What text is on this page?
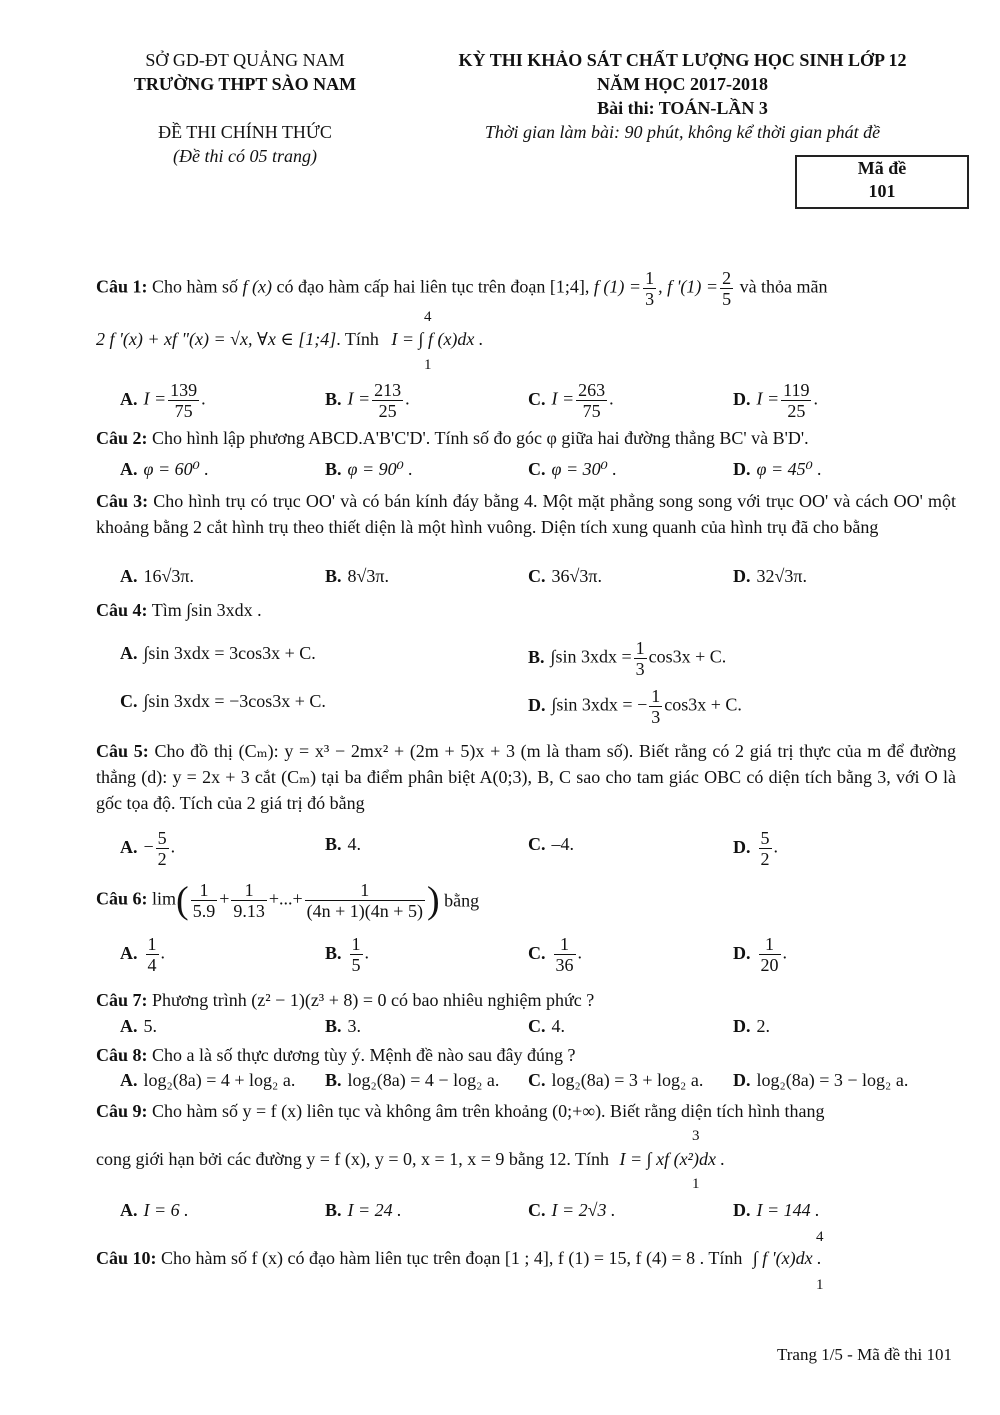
SỞ GD-ĐT QUẢNG NAM
TRƯỜNG THPT SÀO NAM
ĐỀ THI CHÍNH THỨC
(Đề thi có 05 trang)
KỲ THI KHẢO SÁT CHẤT LƯỢNG HỌC SINH LỚP 12
NĂM HỌC 2017-2018
Bài thi: TOÁN-LẦN 3
Thời gian làm bài: 90 phút, không kể thời gian phát đề
Mã đề
101
Câu 1: Cho hàm số f (x) có đạo hàm cấp hai liên tục trên đoạn [1;4], f $(1) = \frac{1}{3}$ , f '$(1) = \frac{2}{5}$ và thỏa mãn
2 f '(x) + xf "(x) = √x, ∀x ∈ [1;4]. Tính I = ∫ f (x)dx .
4
1
A. $I = \frac{139}{75}$ .	B. $I = \frac{213}{25}$ .	C. $I = \frac{263}{75}$ .	D. $I = \frac{119}{25}$ .
Câu 2: Cho hình lập phương ABCD.A'B'C'D'. Tính số đo góc φ giữa hai đường thẳng BC' và B'D'.
A. φ = 60⁰ .	B. φ = 90⁰ .	C. φ = 30⁰ .	D. φ = 45⁰ .
Câu 3: Cho hình trụ có trục OO' và có bán kính đáy bằng 4. Một mặt phẳng song song với trục OO' và cách OO' một khoảng bằng 2 cắt hình trụ theo thiết diện là một hình vuông. Diện tích xung quanh của hình trụ đã cho bằng
A. 16√3π.	B. 8√3π.	C. 36√3π.	D. 32√3π.
Câu 4: Tìm ∫sin 3xdx .
A. ∫sin 3xdx = 3cos3x + C.	B. ∫sin $3xdx = \frac{1}{3} \cos 3x + C$.
C. ∫sin 3xdx = −3cos3x + C.	D. ∫sin 3xdx = − $\frac{1}{3} \cos 3x + C$.
Câu 5: Cho đồ thị (Cₘ): y = x³ − 2mx² + (2m + 5)x + 3 (m là tham số). Biết rằng có 2 giá trị thực của m để đường thẳng (d): y = 2x + 3 cắt (Cₘ) tại ba điểm phân biệt A(0;3), B, C sao cho tam giác OBC có diện tích bằng 3, với O là gốc tọa độ. Tích của 2 giá trị đó bằng
A. − $\frac{5}{2}$ .	B. 4.	C. –4.	D. $\frac{5}{2}$ .
Câu 6: $\lim( \frac{1}{5.9} + \frac{1}{9.13}$ +...+ $\frac{1}{(4n + 1)(4n + 5)}$ ) bằng
A. $\frac{1}{4}$ .	B. $\frac{1}{5}$ .	C. $\frac{1}{36}$ .	D. $\frac{1}{20}$ .
Câu 7: Phương trình (z² − 1)(z³ + 8) = 0 có bao nhiêu nghiệm phức ?
A. 5.	B. 3.	C. 4.	D. 2.
Câu 8: Cho a là số thực dương tùy ý. Mệnh đề nào sau đây đúng ?
A. log₂(8a) = 4 + log₂ a. B. log₂(8a) = 4 − log₂ a. C. log₂(8a) = 3 + log₂ a. D. log₂(8a) = 3 − log₂ a.
Câu 9: Cho hàm số y = f (x) liên tục và không âm trên khoảng (0;+∞). Biết rằng diện tích hình thang
cong giới hạn bởi các đường y = f (x), y = 0, x = 1, x = 9 bằng 12. Tính I = ∫ xf (x²)dx .
3
1
A. I = 6 .	B. I = 24 .	C. I = 2√3 .	D. I = 144 .
Câu 10: Cho hàm số f (x) có đạo hàm liên tục trên đoạn [1 ; 4], f (1) = 15, f (4) = 8 . Tính ∫ f '(x)dx .
4
1
Trang 1/5 - Mã đề thi 101
